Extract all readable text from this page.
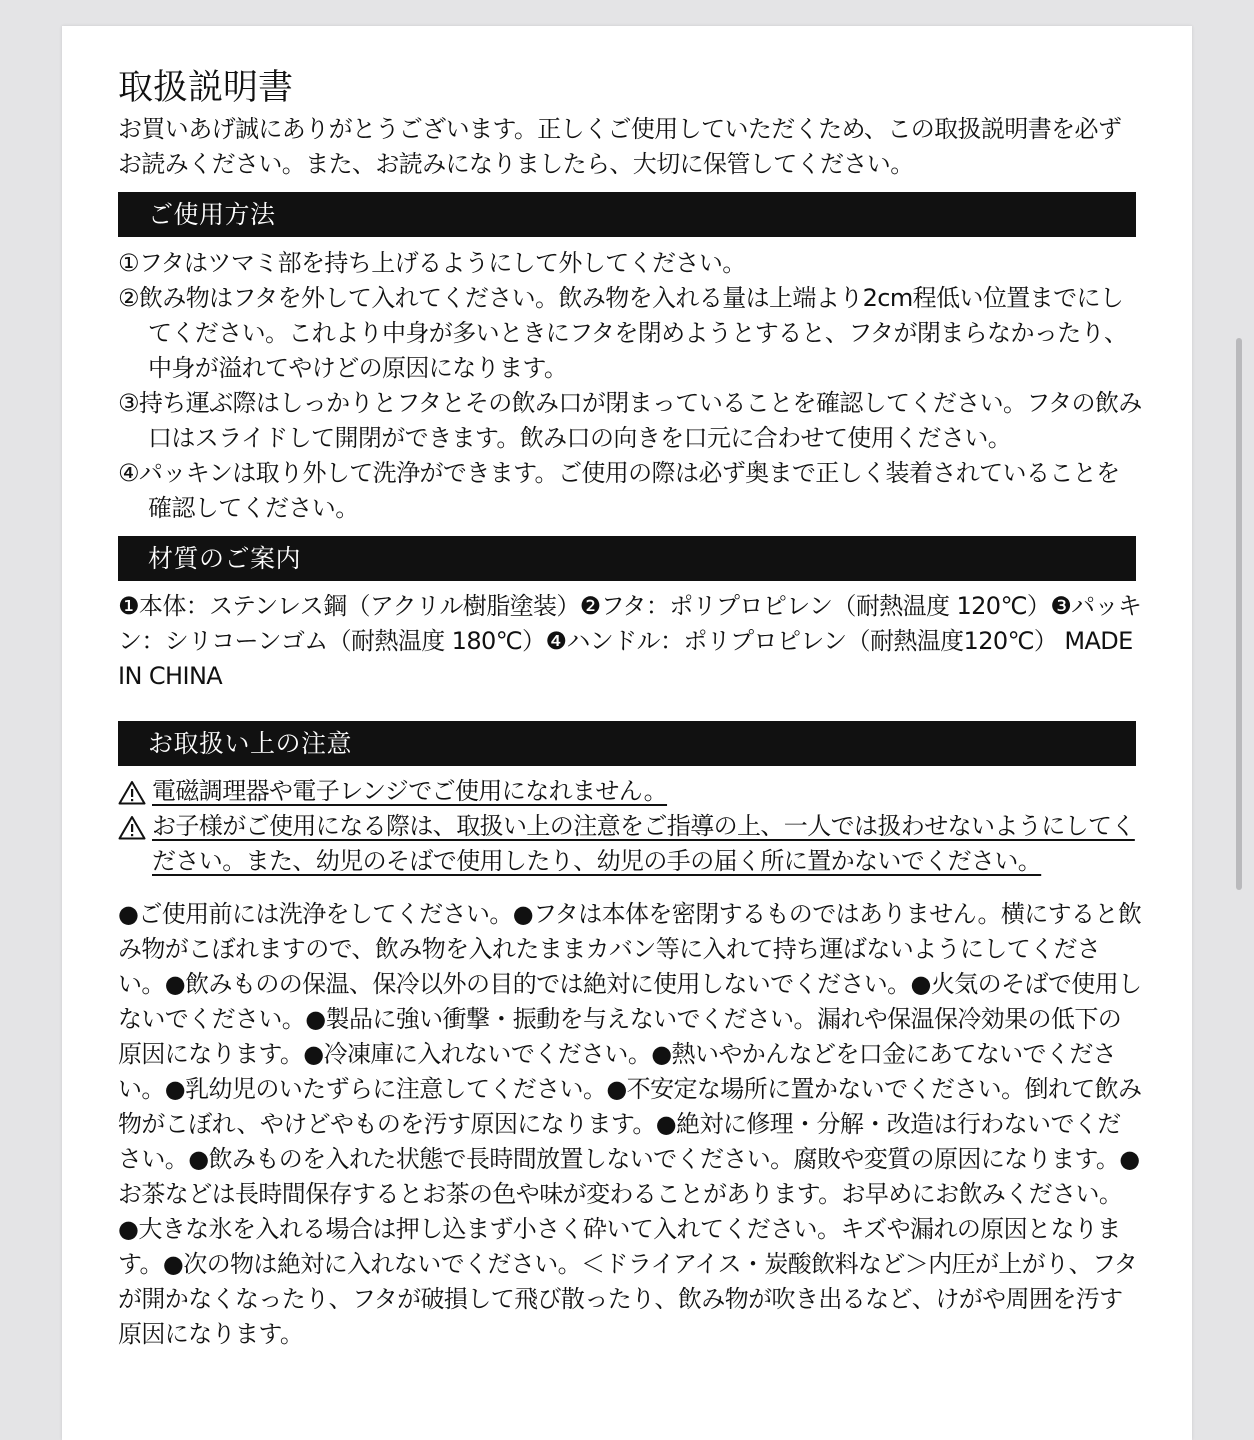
取扱説明書

お買いあげ誠にありがとうございます。正しくご使用していただくため、この取扱説明書を必ずお読みください。また、お読みになりましたら、大切に保管してください。

ご使用方法
①フタはツマミ部を持ち上げるようにして外してください。
②飲み物はフタを外して入れてください。飲み物を入れる量は上端より2cm程低い位置までにしてください。これより中身が多いときにフタを閉めようとすると、フタが閉まらなかったり、中身が溢れてやけどの原因になります。
③持ち運ぶ際はしっかりとフタとその飲み口が閉まっていることを確認してください。フタの飲み口はスライドして開閉ができます。飲み口の向きを口元に合わせて使用ください。
④パッキンは取り外して洗浄ができます。ご使用の際は必ず奥まで正しく装着されていることを確認してください。
材質のご案内
❶本体：ステンレス鋼（アクリル樹脂塗装）❷フタ：ポリプロピレン（耐熱温度 120℃）❸パッキン：シリコーンゴム（耐熱温度 180℃）❹ハンドル：ポリプロピレン（耐熱温度120℃） MADE IN CHINA
お取扱い上の注意
電磁調理器や電子レンジでご使用になれません。
お子様がご使用になる際は、取扱い上の注意をご指導の上、一人では扱わせないようにしてください。また、幼児のそばで使用したり、幼児の手の届く所に置かないでください。
●ご使用前には洗浄をしてください。●フタは本体を密閉するものではありません。横にすると飲み物がこぼれますので、飲み物を入れたままカバン等に入れて持ち運ばないようにしてください。●飲みものの保温、保冷以外の目的では絶対に使用しないでください。●火気のそばで使用しないでください。●製品に強い衝撃・振動を与えないでください。漏れや保温保冷効果の低下の原因になります。●冷凍庫に入れないでください。●熱いやかんなどを口金にあてないでください。●乳幼児のいたずらに注意してください。●不安定な場所に置かないでください。倒れて飲み物がこぼれ、やけどやものを汚す原因になります。●絶対に修理・分解・改造は行わないでください。●飲みものを入れた状態で長時間放置しないでください。腐敗や変質の原因になります。●お茶などは長時間保存するとお茶の色や味が変わることがあります。お早めにお飲みください。●大きな氷を入れる場合は押し込まず小さく砕いて入れてください。キズや漏れの原因となります。●次の物は絶対に入れないでください。＜ドライアイス・炭酸飲料など＞内圧が上がり、フタが開かなくなったり、フタが破損して飛び散ったり、飲み物が吹き出るなど、けがや周囲を汚す原因になります。
